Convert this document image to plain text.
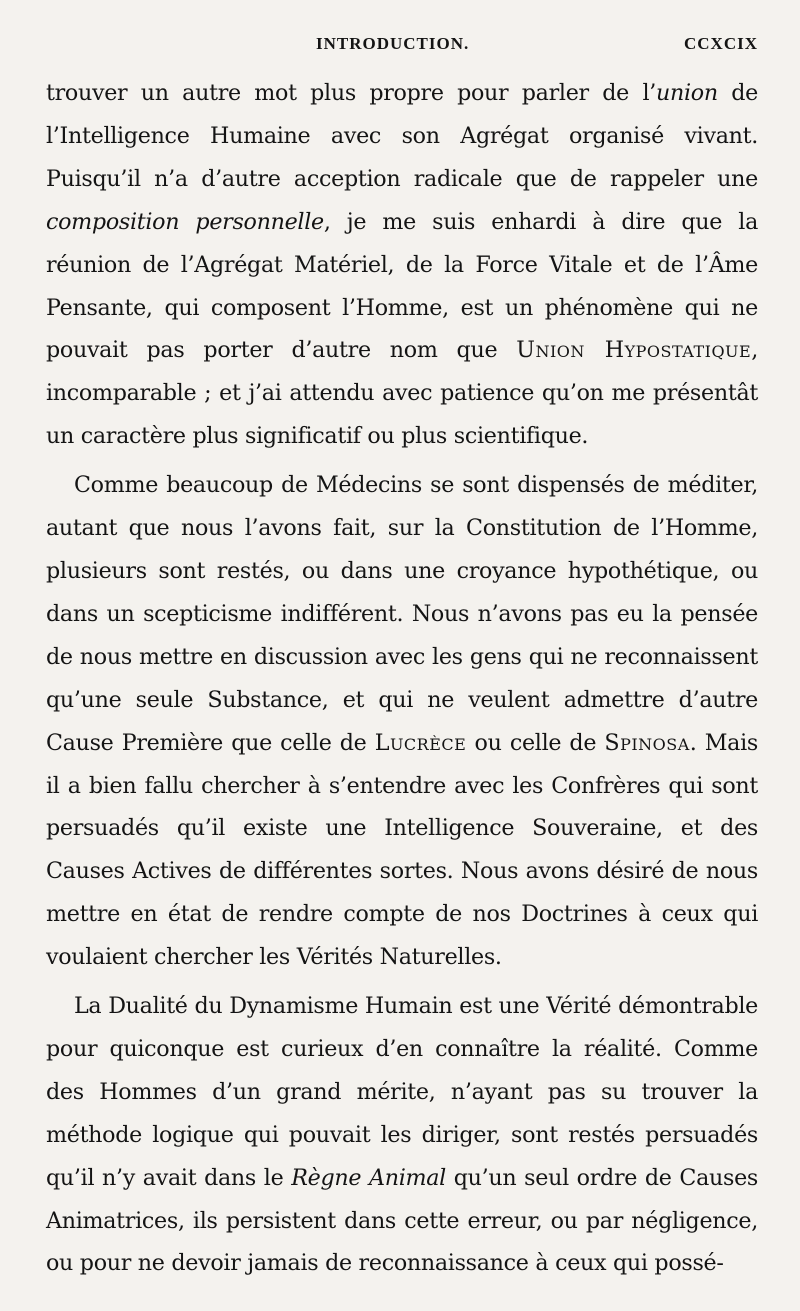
INTRODUCTION.	CCXCIX

trouver un autre mot plus propre pour parler de l’union de l’Intelligence Humaine avec son Agrégat organisé vivant. Puisqu’il n’a d’autre acception radicale que de rappeler une composition personnelle, je me suis enhardi à dire que la réunion de l’Agrégat Matériel, de la Force Vitale et de l’Âme Pensante, qui composent l’Homme, est un phénomène qui ne pouvait pas porter d’autre nom que Union Hypostatique, incomparable ; et j’ai attendu avec patience qu’on me présentât un caractère plus significatif ou plus scientifique.

Comme beaucoup de Médecins se sont dispensés de méditer, autant que nous l’avons fait, sur la Constitution de l’Homme, plusieurs sont restés, ou dans une croyance hypothétique, ou dans un scepticisme indifférent. Nous n’avons pas eu la pensée de nous mettre en discussion avec les gens qui ne reconnaissent qu’une seule Substance, et qui ne veulent admettre d’autre Cause Première que celle de Lucrèce ou celle de Spinosa. Mais il a bien fallu chercher à s’entendre avec les Confrères qui sont persuadés qu’il existe une Intelligence Souveraine, et des Causes Actives de différentes sortes. Nous avons désiré de nous mettre en état de rendre compte de nos Doctrines à ceux qui voulaient chercher les Vérités Naturelles.

La Dualité du Dynamisme Humain est une Vérité démontrable pour quiconque est curieux d’en connaître la réalité. Comme des Hommes d’un grand mérite, n’ayant pas su trouver la méthode logique qui pouvait les diriger, sont restés persuadés qu’il n’y avait dans le Règne Animal qu’un seul ordre de Causes Animatrices, ils persistent dans cette erreur, ou par négligence, ou pour ne devoir jamais de reconnaissance à ceux qui possé-
